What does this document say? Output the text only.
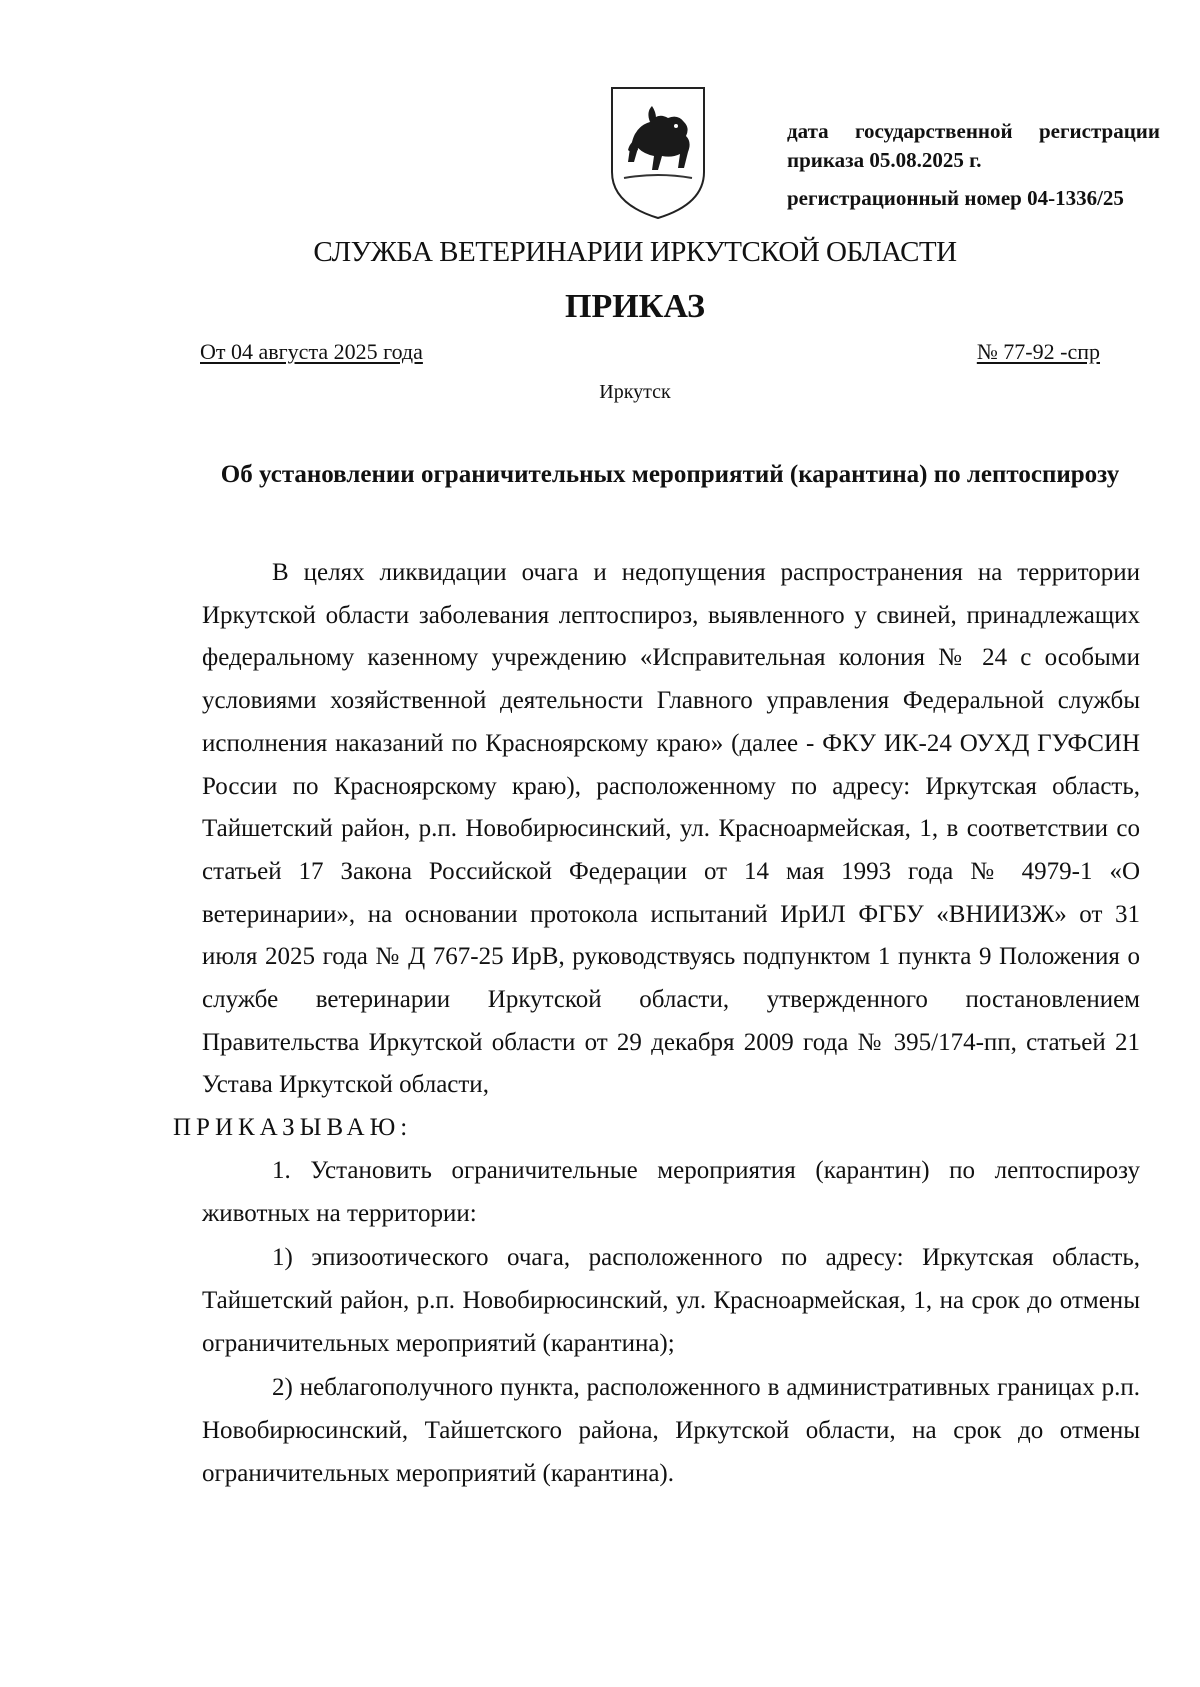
дата государственной регистрации
приказа 05.08.2025 г.
регистрационный номер 04-1336/25
СЛУЖБА ВЕТЕРИНАРИИ ИРКУТСКОЙ ОБЛАСТИ
ПРИКАЗ
От 04 августа 2025 года	№ 77-92 -спр
Иркутск
Об установлении ограничительных мероприятий (карантина) по лептоспирозу

В целях ликвидации очага и недопущения распространения на территории Иркутской области заболевания лептоспироз, выявленного у свиней, принадлежащих федеральному казенному учреждению «Исправительная колония № 24 с особыми условиями хозяйственной деятельности Главного управления Федеральной службы исполнения наказаний по Красноярскому краю» (далее - ФКУ ИК-24 ОУХД ГУФСИН России по Красноярскому краю), расположенному по адресу: Иркутская область, Тайшетский район, р.п. Новобирюсинский, ул. Красноармейская, 1, в соответствии со статьей 17 Закона Российской Федерации от 14 мая 1993 года № 4979-1 «О ветеринарии», на основании протокола испытаний ИрИЛ ФГБУ «ВНИИЗЖ» от 31 июля 2025 года № Д 767-25 ИрВ, руководствуясь подпунктом 1 пункта 9 Положения о службе ветеринарии Иркутской области, утвержденного постановлением Правительства Иркутской области от 29 декабря 2009 года № 395/174-пп, статьей 21 Устава Иркутской области,

ПРИКАЗЫВАЮ:

1. Установить ограничительные мероприятия (карантин) по лептоспирозу животных на территории:

1) эпизоотического очага, расположенного по адресу: Иркутская область, Тайшетский район, р.п. Новобирюсинский, ул. Красноармейская, 1, на срок до отмены ограничительных мероприятий (карантина);

2) неблагополучного пункта, расположенного в административных границах р.п. Новобирюсинский, Тайшетского района, Иркутской области, на срок до отмены ограничительных мероприятий (карантина).
